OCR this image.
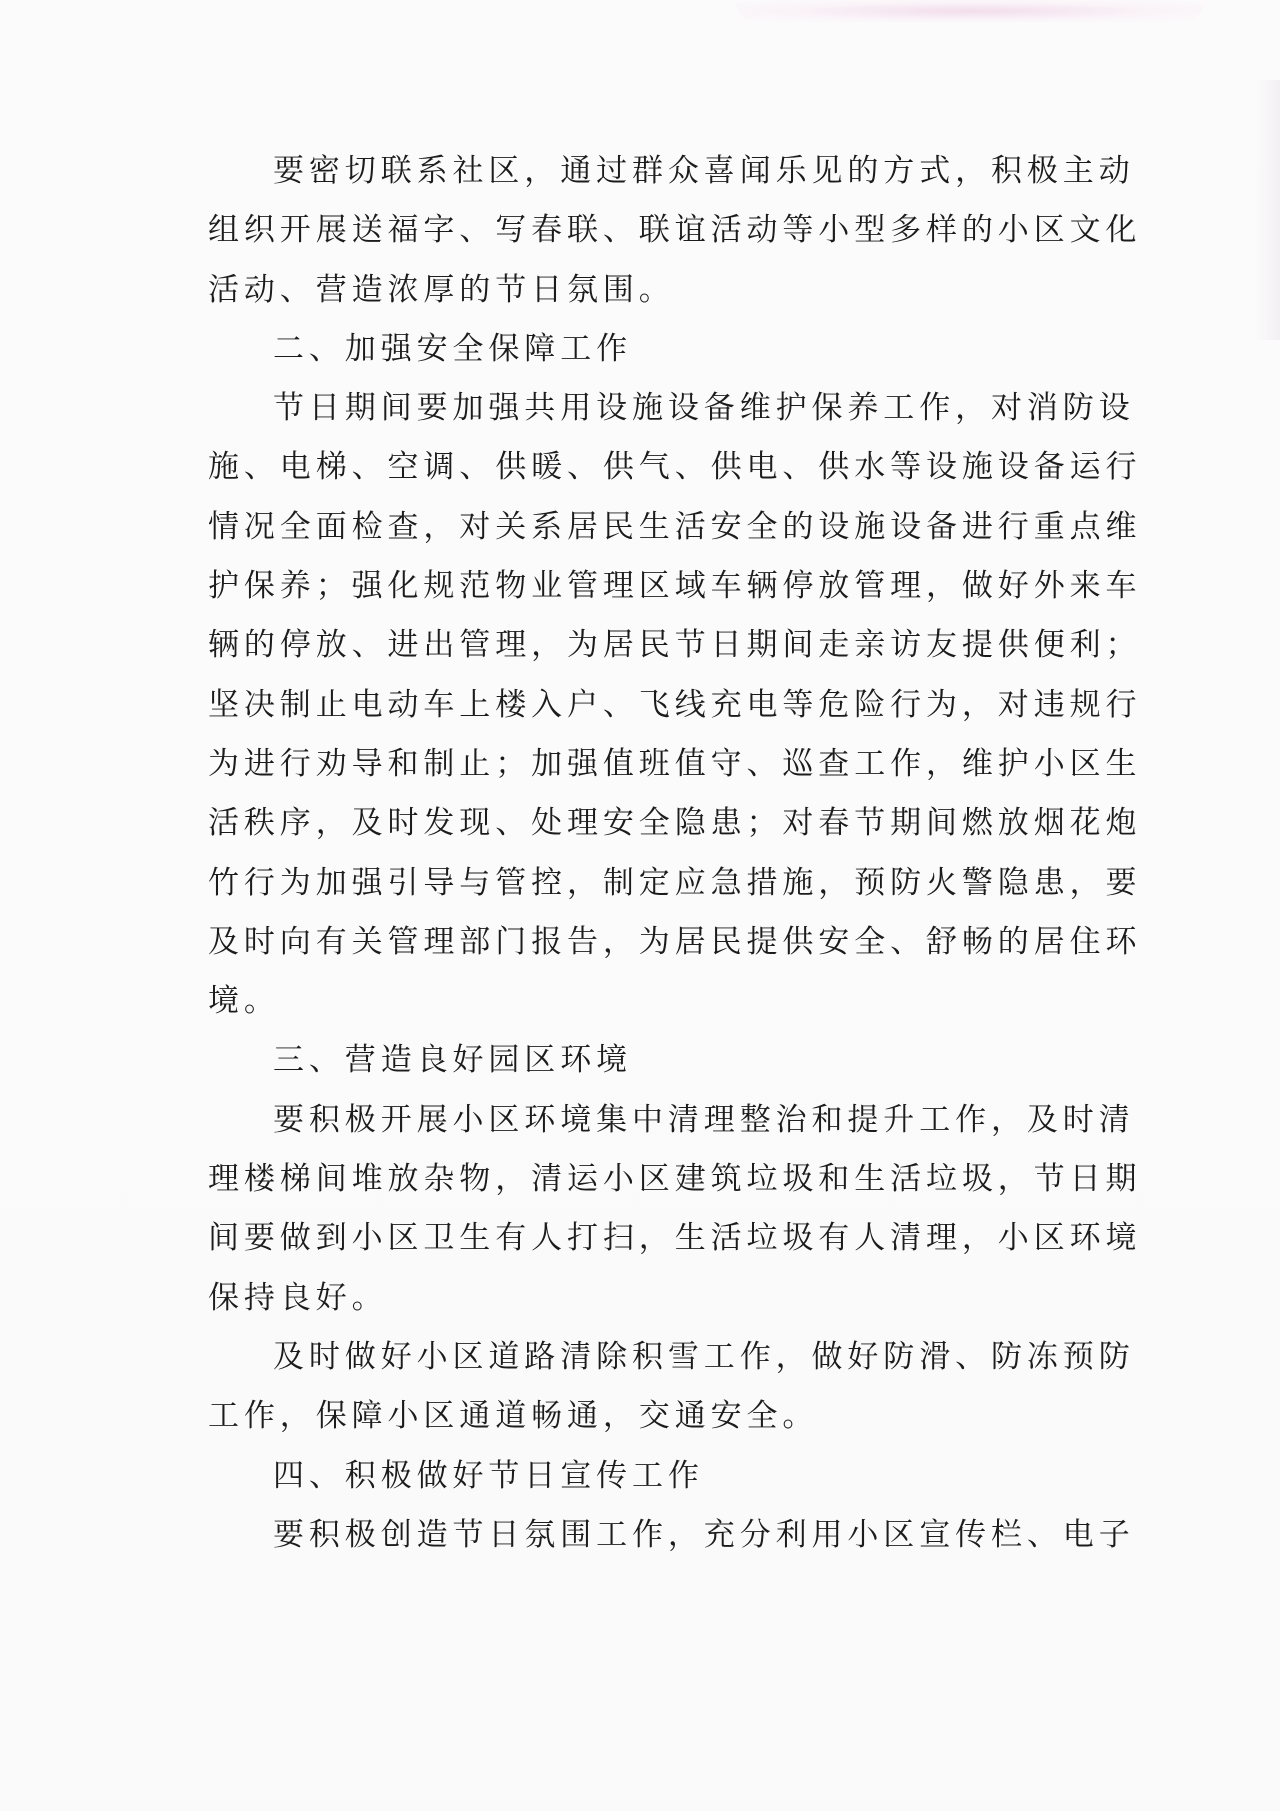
要密切联系社区，通过群众喜闻乐见的方式，积极主动
组织开展送福字、写春联、联谊活动等小型多样的小区文化
活动、营造浓厚的节日氛围。
二、加强安全保障工作
节日期间要加强共用设施设备维护保养工作，对消防设
施、电梯、空调、供暖、供气、供电、供水等设施设备运行
情况全面检查，对关系居民生活安全的设施设备进行重点维
护保养；强化规范物业管理区域车辆停放管理，做好外来车
辆的停放、进出管理，为居民节日期间走亲访友提供便利；
坚决制止电动车上楼入户、飞线充电等危险行为，对违规行
为进行劝导和制止；加强值班值守、巡查工作，维护小区生
活秩序，及时发现、处理安全隐患；对春节期间燃放烟花炮
竹行为加强引导与管控，制定应急措施，预防火警隐患，要
及时向有关管理部门报告，为居民提供安全、舒畅的居住环
境。
三、营造良好园区环境
要积极开展小区环境集中清理整治和提升工作，及时清
理楼梯间堆放杂物，清运小区建筑垃圾和生活垃圾，节日期
间要做到小区卫生有人打扫，生活垃圾有人清理，小区环境
保持良好。
及时做好小区道路清除积雪工作，做好防滑、防冻预防
工作，保障小区通道畅通，交通安全。
四、积极做好节日宣传工作
要积极创造节日氛围工作，充分利用小区宣传栏、电子
